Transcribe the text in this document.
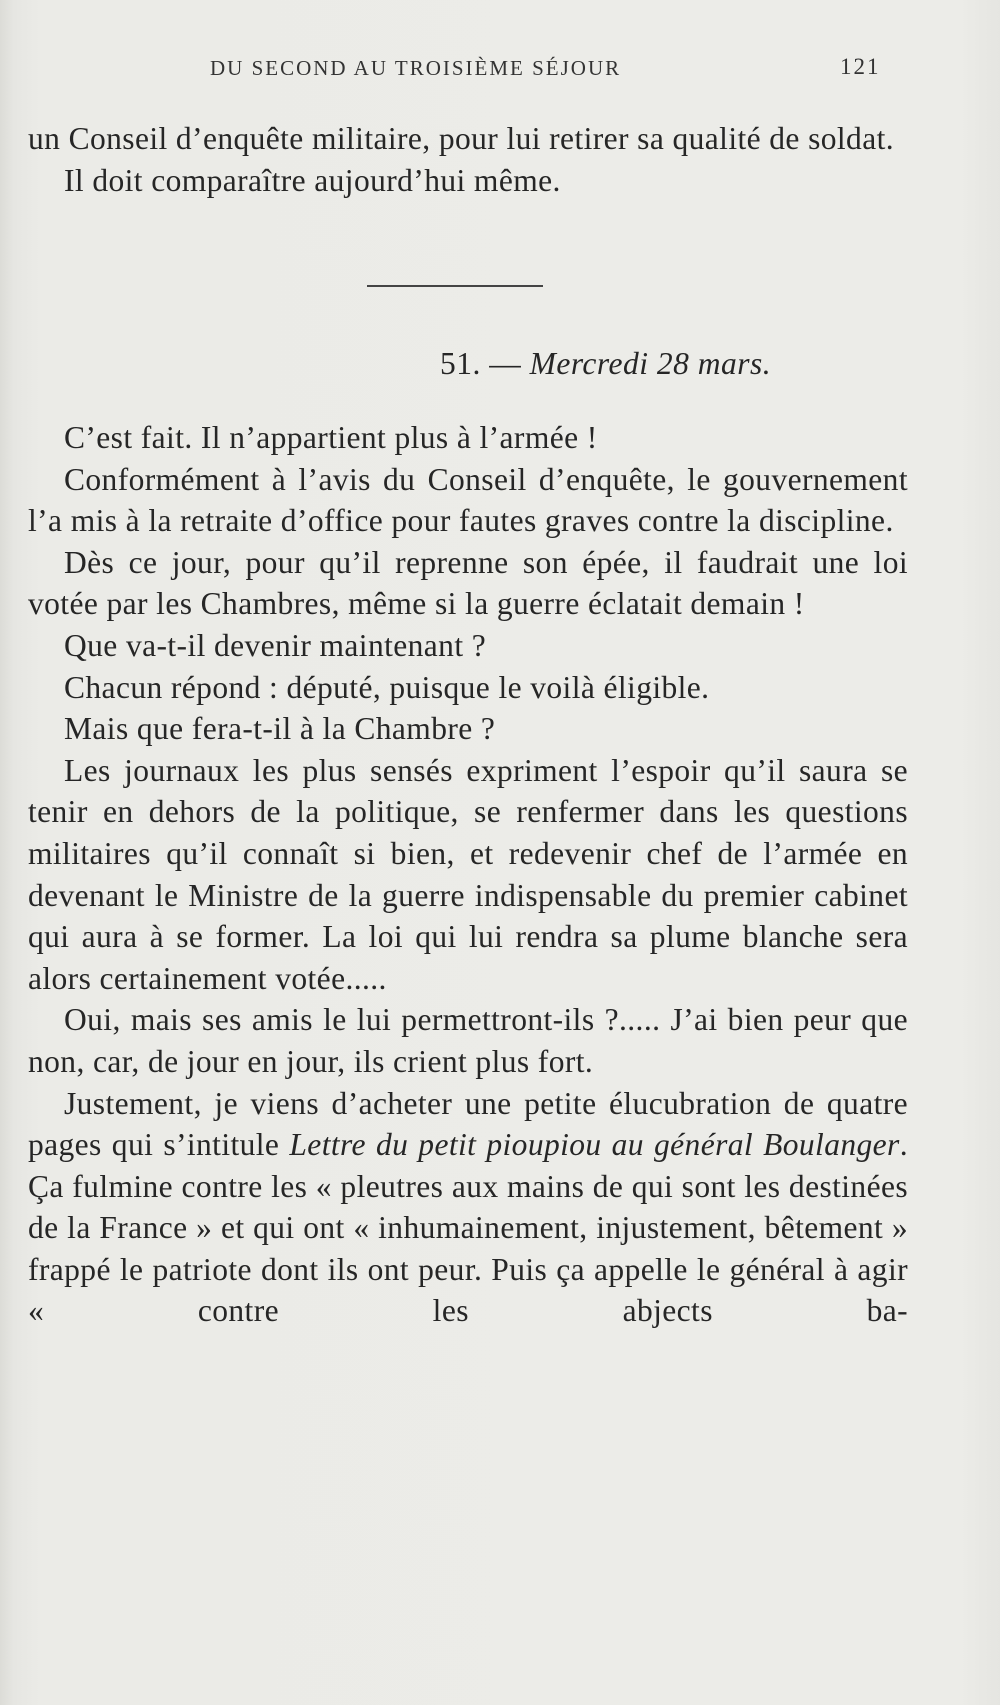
DU SECOND AU TROISIÈME SÉJOUR	121

un Conseil d’enquête militaire, pour lui retirer sa qualité de soldat.

Il doit comparaître aujourd’hui même.

51. — Mercredi 28 mars.

C’est fait. Il n’appartient plus à l’armée !

Conformément à l’avis du Conseil d’enquête, le gouvernement l’a mis à la retraite d’office pour fautes graves contre la discipline.

Dès ce jour, pour qu’il reprenne son épée, il faudrait une loi votée par les Chambres, même si la guerre éclatait demain !

Que va-t-il devenir maintenant ?

Chacun répond : député, puisque le voilà éligible.

Mais que fera-t-il à la Chambre ?

Les journaux les plus sensés expriment l’espoir qu’il saura se tenir en dehors de la politique, se renfermer dans les questions militaires qu’il connaît si bien, et redevenir chef de l’armée en devenant le Ministre de la guerre indispensable du premier cabinet qui aura à se former. La loi qui lui rendra sa plume blanche sera alors certainement votée.....

Oui, mais ses amis le lui permettront-ils ?..... J’ai bien peur que non, car, de jour en jour, ils crient plus fort.

Justement, je viens d’acheter une petite élucubration de quatre pages qui s’intitule Lettre du petit pioupiou au général Boulanger. Ça fulmine contre les « pleutres aux mains de qui sont les destinées de la France » et qui ont « inhumainement, injustement, bêtement » frappé le patriote dont ils ont peur. Puis ça appelle le général à agir « contre les abjects ba-
